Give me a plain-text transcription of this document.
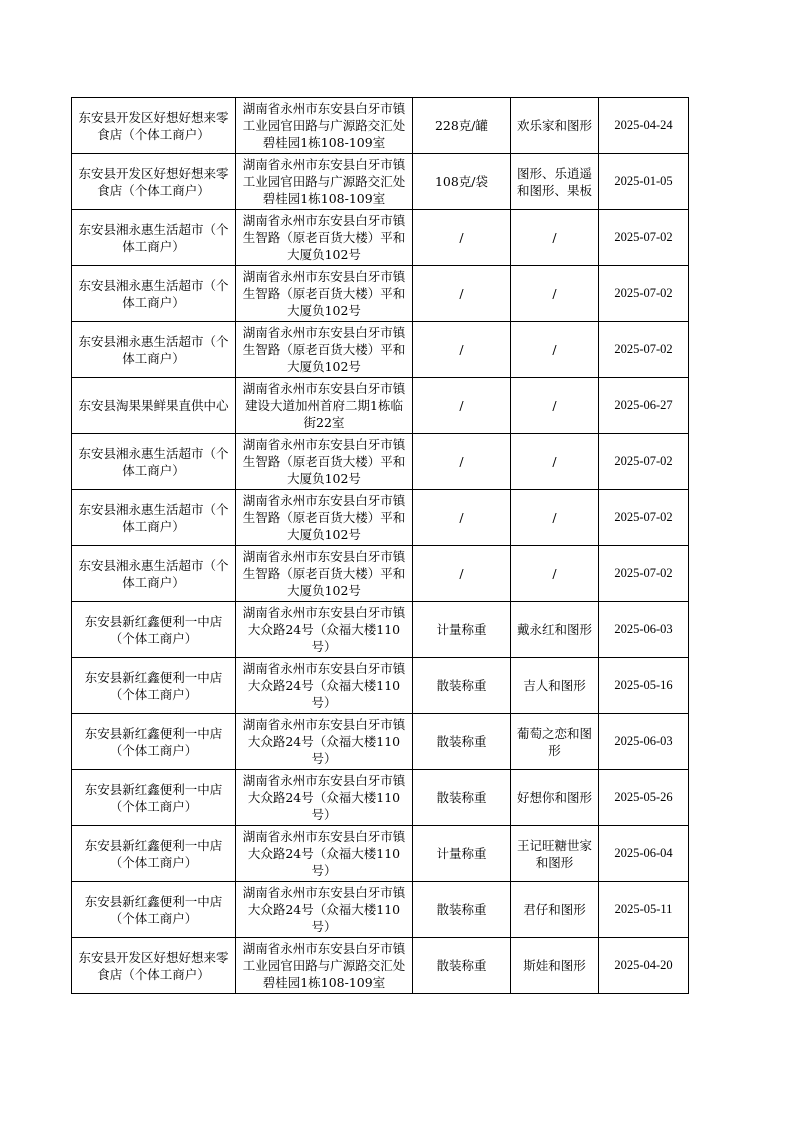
东安县开发区好想好想来零食店（个体工商户）	湖南省永州市东安县白牙市镇工业园官田路与广源路交汇处碧桂园1栋108-109室	228克/罐	欢乐家和图形	2025-04-24
东安县开发区好想好想来零食店（个体工商户）	湖南省永州市东安县白牙市镇工业园官田路与广源路交汇处碧桂园1栋108-109室	108克/袋	图形、乐逍遥和图形、果板	2025-01-05
东安县湘永惠生活超市（个体工商户）	湖南省永州市东安县白牙市镇生智路（原老百货大楼）平和大厦负102号	/	/	2025-07-02
东安县湘永惠生活超市（个体工商户）	湖南省永州市东安县白牙市镇生智路（原老百货大楼）平和大厦负102号	/	/	2025-07-02
东安县湘永惠生活超市（个体工商户）	湖南省永州市东安县白牙市镇生智路（原老百货大楼）平和大厦负102号	/	/	2025-07-02
东安县淘果果鲜果直供中心	湖南省永州市东安县白牙市镇建设大道加州首府二期1栋临街22室	/	/	2025-06-27
东安县湘永惠生活超市（个体工商户）	湖南省永州市东安县白牙市镇生智路（原老百货大楼）平和大厦负102号	/	/	2025-07-02
东安县湘永惠生活超市（个体工商户）	湖南省永州市东安县白牙市镇生智路（原老百货大楼）平和大厦负102号	/	/	2025-07-02
东安县湘永惠生活超市（个体工商户）	湖南省永州市东安县白牙市镇生智路（原老百货大楼）平和大厦负102号	/	/	2025-07-02
东安县新红鑫便利一中店（个体工商户）	湖南省永州市东安县白牙市镇大众路24号（众福大楼110号）	计量称重	戴永红和图形	2025-06-03
东安县新红鑫便利一中店（个体工商户）	湖南省永州市东安县白牙市镇大众路24号（众福大楼110号）	散装称重	吉人和图形	2025-05-16
东安县新红鑫便利一中店（个体工商户）	湖南省永州市东安县白牙市镇大众路24号（众福大楼110号）	散装称重	葡萄之恋和图形	2025-06-03
东安县新红鑫便利一中店（个体工商户）	湖南省永州市东安县白牙市镇大众路24号（众福大楼110号）	散装称重	好想你和图形	2025-05-26
东安县新红鑫便利一中店（个体工商户）	湖南省永州市东安县白牙市镇大众路24号（众福大楼110号）	计量称重	王记旺糖世家和图形	2025-06-04
东安县新红鑫便利一中店（个体工商户）	湖南省永州市东安县白牙市镇大众路24号（众福大楼110号）	散装称重	君仔和图形	2025-05-11
东安县开发区好想好想来零食店（个体工商户）	湖南省永州市东安县白牙市镇工业园官田路与广源路交汇处碧桂园1栋108-109室	散装称重	斯娃和图形	2025-04-20
